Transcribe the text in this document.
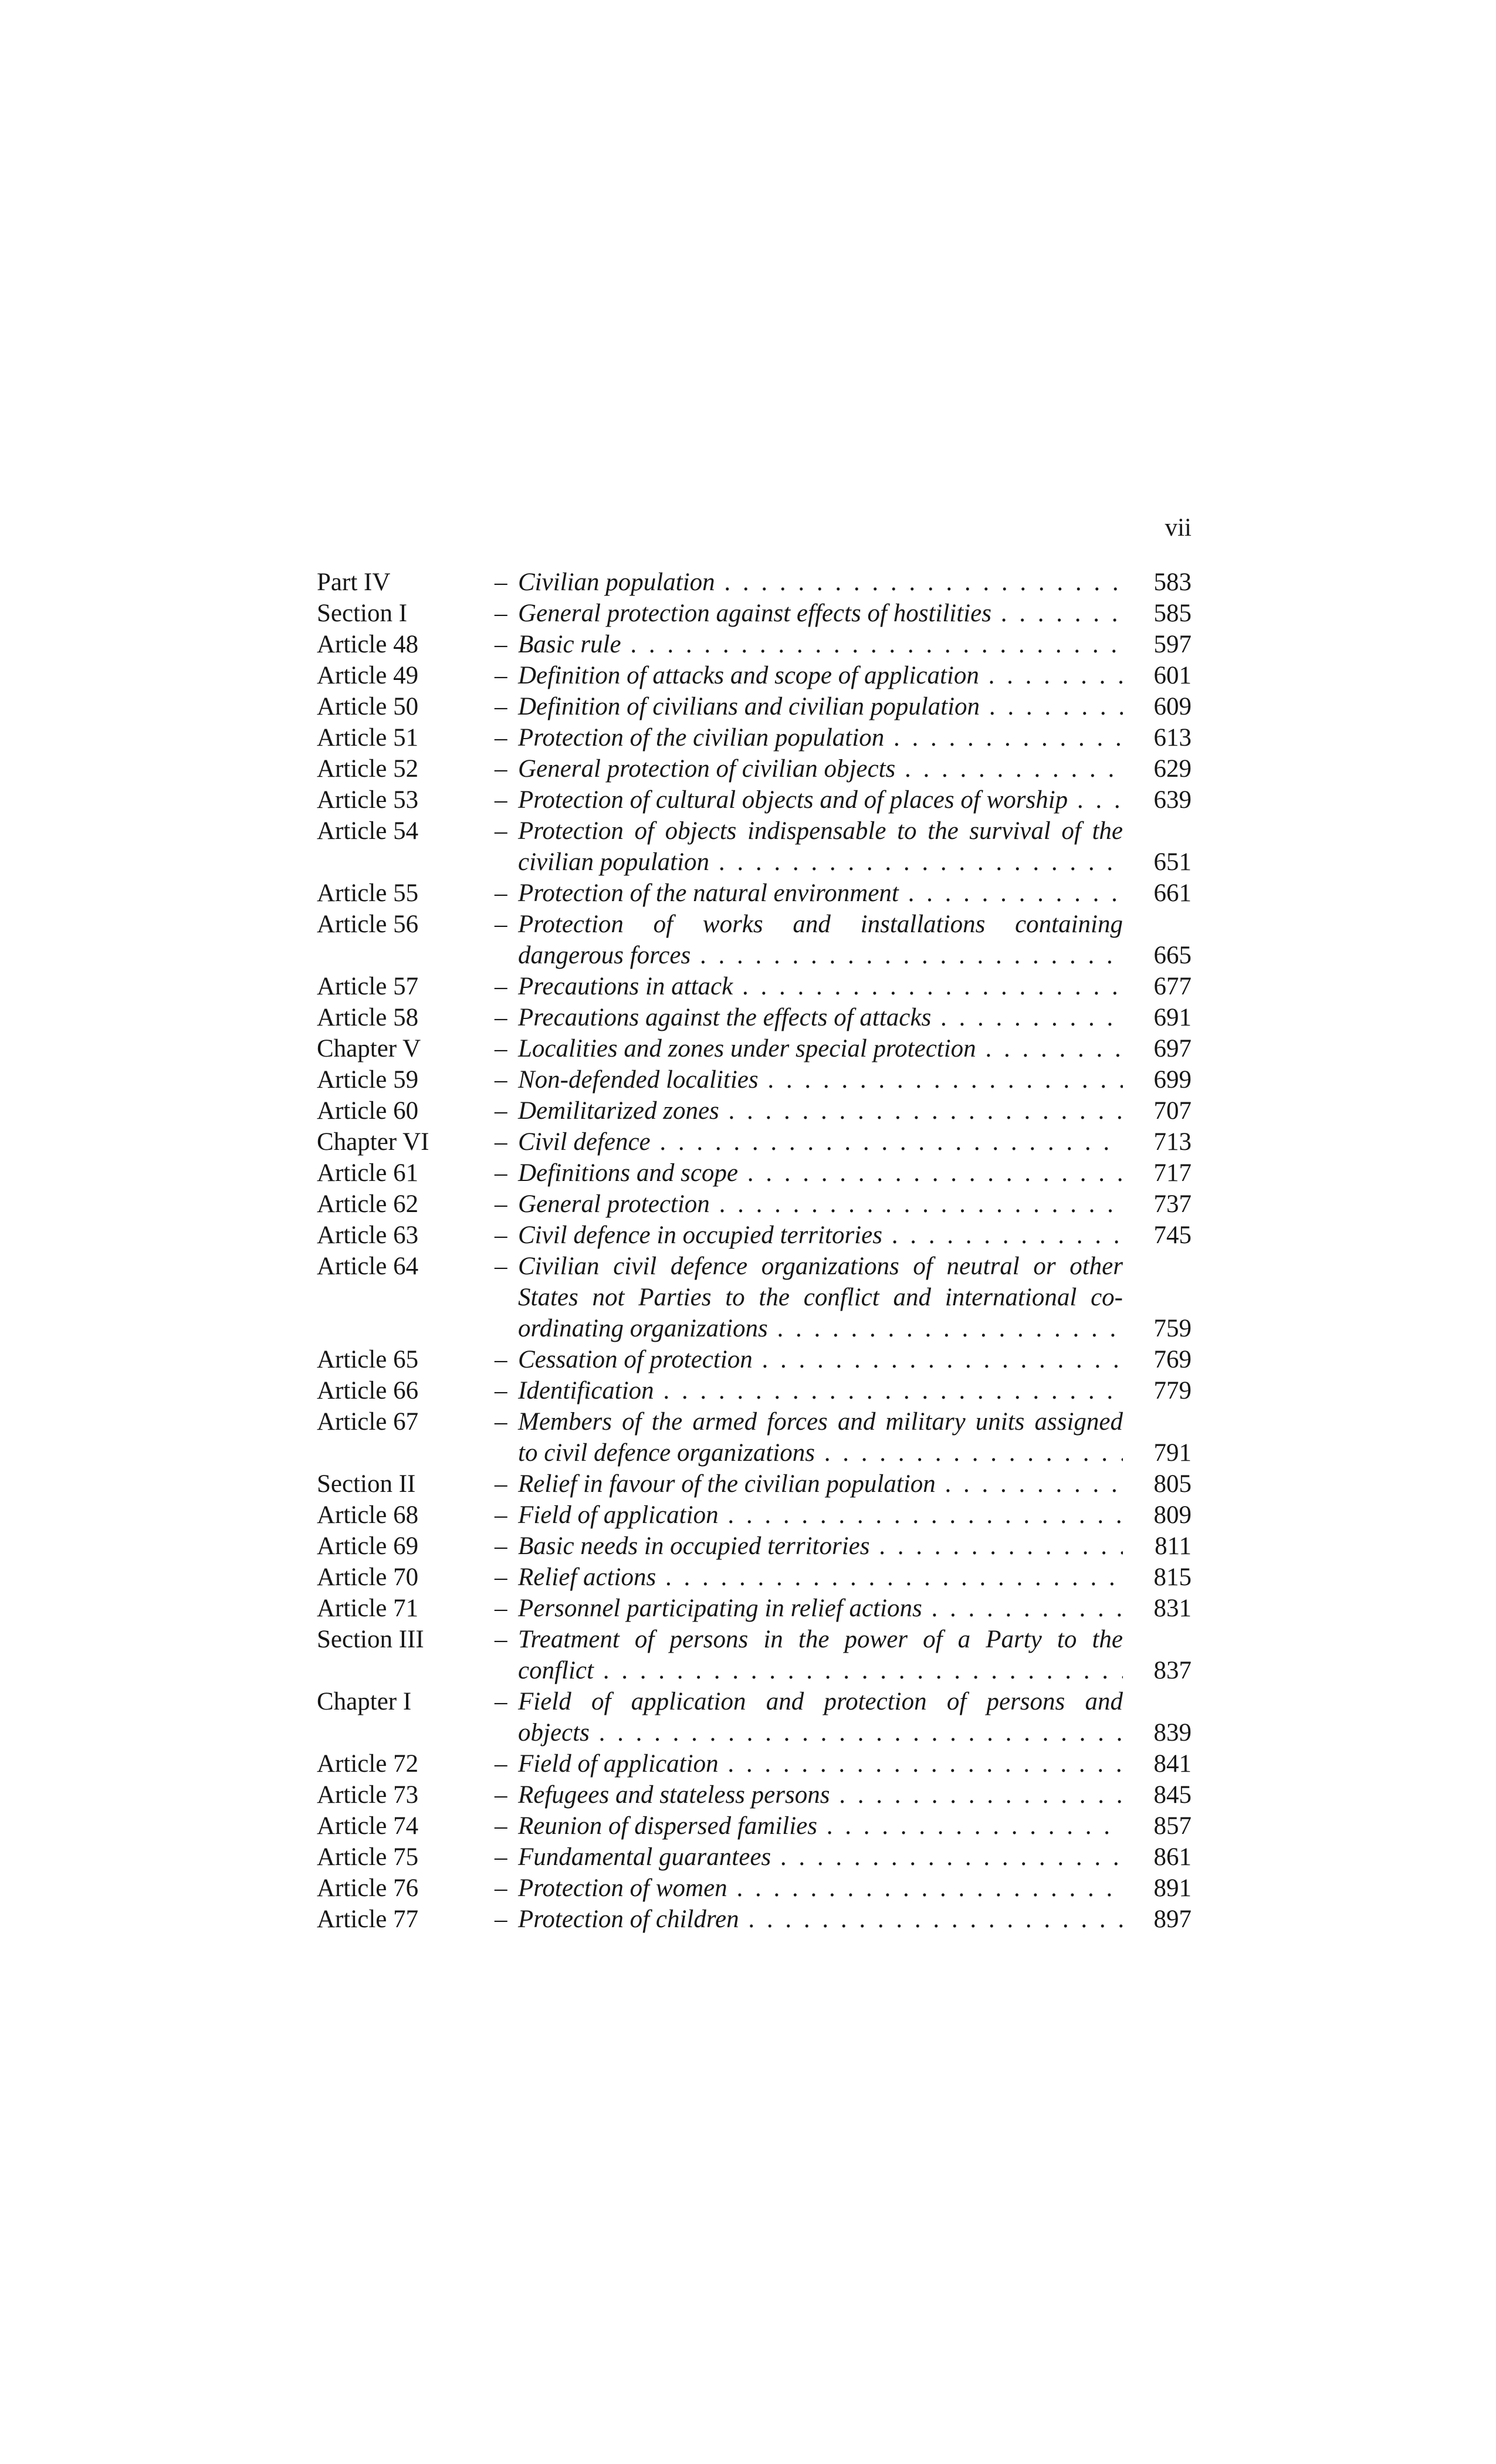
vii
Part IV	– Civilian population . . .	583
Section I	– General protection against effects of hostilities . . .	585
Article 48	– Basic rule . . .	597
Article 49	– Definition of attacks and scope of application . . .	601
Article 50	– Definition of civilians and civilian population . . .	609
Article 51	– Protection of the civilian population . . .	613
Article 52	– General protection of civilian objects . . .	629
Article 53	– Protection of cultural objects and of places of worship . . .	639
Article 54	– Protection of objects indispensable to the survival of the
civilian population . . .	651
Article 55	– Protection of the natural environment . . .	661
Article 56	– Protection of works and installations containing
dangerous forces . . .	665
Article 57	– Precautions in attack . . .	677
Article 58	– Precautions against the effects of attacks . . .	691
Chapter V	– Localities and zones under special protection . . .	697
Article 59	– Non-defended localities . . .	699
Article 60	– Demilitarized zones . . .	707
Chapter VI	– Civil defence . . .	713
Article 61	– Definitions and scope . . .	717
Article 62	– General protection . . .	737
Article 63	– Civil defence in occupied territories . . .	745
Article 64	– Civilian civil defence organizations of neutral or other
States not Parties to the conflict and international co-
ordinating organizations . . .	759
Article 65	– Cessation of protection . . .	769
Article 66	– Identification . . .	779
Article 67	– Members of the armed forces and military units assigned
to civil defence organizations . . .	791
Section II	– Relief in favour of the civilian population . . .	805
Article 68	– Field of application . . .	809
Article 69	– Basic needs in occupied territories . . .	811
Article 70	– Relief actions . . .	815
Article 71	– Personnel participating in relief actions . . .	831
Section III	– Treatment of persons in the power of a Party to the
conflict . . .	837
Chapter I	– Field of application and protection of persons and
objects . . .	839
Article 72	– Field of application . . .	841
Article 73	– Refugees and stateless persons . . .	845
Article 74	– Reunion of dispersed families . . .	857
Article 75	– Fundamental guarantees . . .	861
Article 76	– Protection of women . . .	891
Article 77	– Protection of children . . .	897
